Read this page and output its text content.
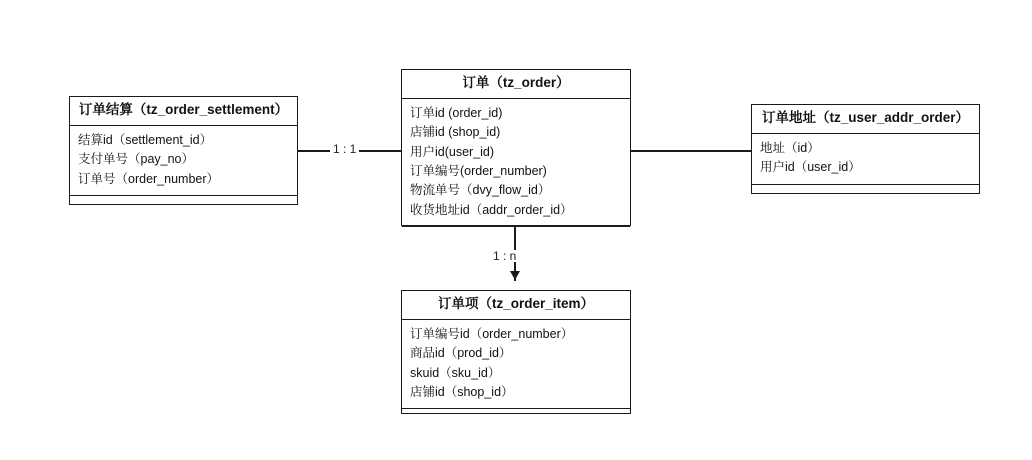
1 : 1
1 : n
订单结算（tz_order_settlement）
结算id（settlement_id）
支付单号（pay_no）
订单号（order_number）
订单（tz_order）
订单id (order_id)
店铺id (shop_id)
用户id(user_id)
订单编号(order_number)
物流单号（dvy_flow_id）
收货地址id（addr_order_id）
订单地址（tz_user_addr_order）
地址（id）
用户id（user_id）
订单项（tz_order_item）
订单编号id（order_number）
商品id（prod_id）
skuid（sku_id）
店铺id（shop_id）
